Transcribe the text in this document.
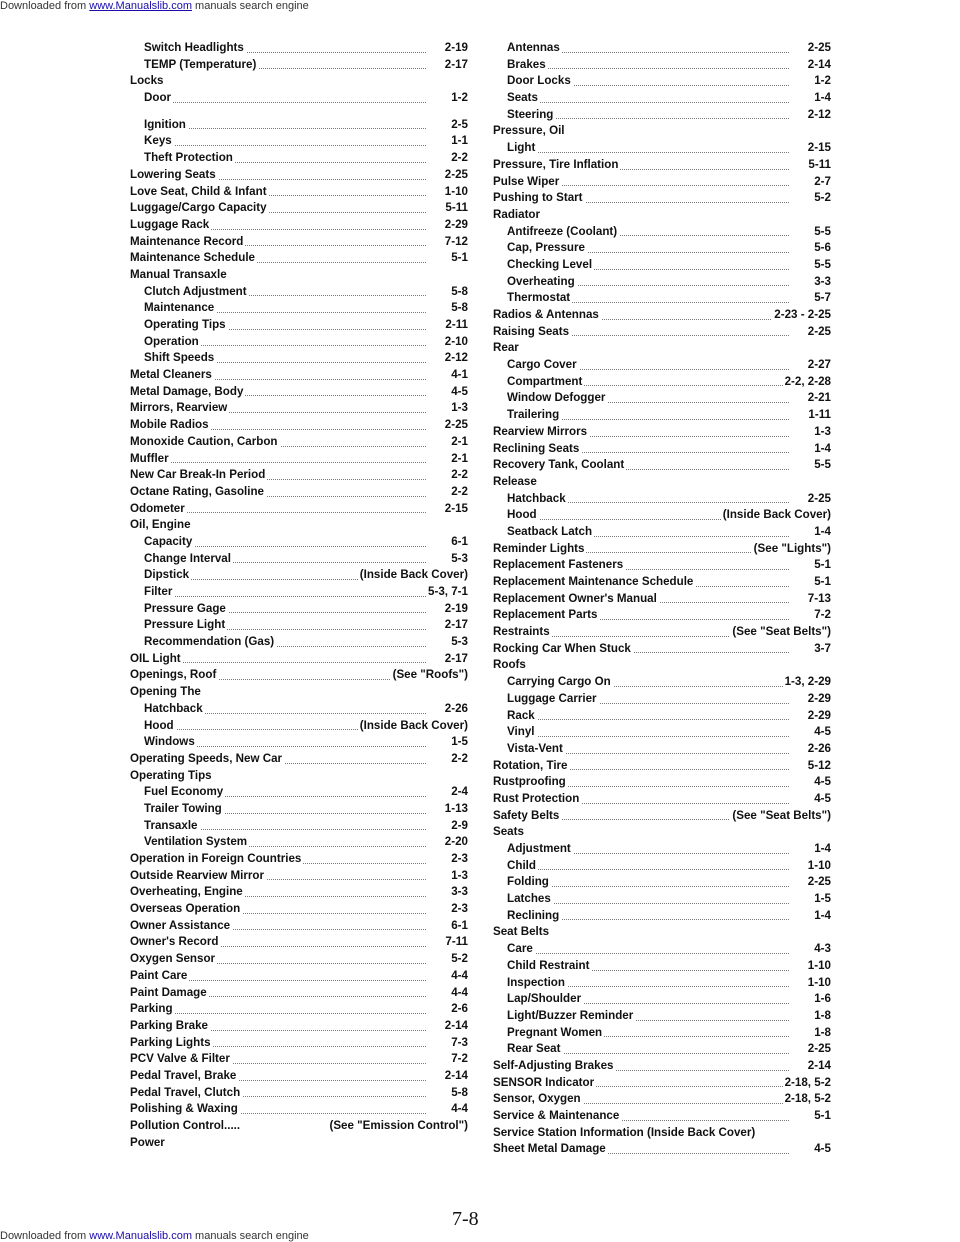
Downloaded from www.Manualslib.com manuals search engine
Switch Headlights	2-19
TEMP (Temperature)	2-17
Locks
Door	1-2
Ignition	2-5
Keys	1-1
Theft Protection	2-2
Lowering Seats	2-25
Love Seat, Child & Infant	1-10
Luggage/Cargo Capacity	5-11
Luggage Rack	2-29
Maintenance Record	7-12
Maintenance Schedule	5-1
Manual Transaxle
Clutch Adjustment	5-8
Maintenance	5-8
Operating Tips	2-11
Operation	2-10
Shift Speeds	2-12
Metal Cleaners	4-1
Metal Damage, Body	4-5
Mirrors, Rearview	1-3
Mobile Radios	2-25
Monoxide Caution, Carbon	2-1
Muffler	2-1
New Car Break-In Period	2-2
Octane Rating, Gasoline	2-2
Odometer	2-15
Oil, Engine
Capacity	6-1
Change Interval	5-3
Dipstick	(Inside Back Cover)
Filter	5-3, 7-1
Pressure Gage	2-19
Pressure Light	2-17
Recommendation (Gas)	5-3
OIL Light	2-17
Openings, Roof	(See "Roofs")
Opening The
Hatchback	2-26
Hood	(Inside Back Cover)
Windows	1-5
Operating Speeds, New Car	2-2
Operating Tips
Fuel Economy	2-4
Trailer Towing	1-13
Transaxle	2-9
Ventilation System	2-20
Operation in Foreign Countries	2-3
Outside Rearview Mirror	1-3
Overheating, Engine	3-3
Overseas Operation	2-3
Owner Assistance	6-1
Owner's Record	7-11
Oxygen Sensor	5-2
Paint Care	4-4
Paint Damage	4-4
Parking	2-6
Parking Brake	2-14
Parking Lights	7-3
PCV Valve & Filter	7-2
Pedal Travel, Brake	2-14
Pedal Travel, Clutch	5-8
Polishing & Waxing	4-4
Pollution Control.....	(See "Emission Control")
Power
Antennas	2-25
Brakes	2-14
Door Locks	1-2
Seats	1-4
Steering	2-12
Pressure, Oil
Light	2-15
Pressure, Tire Inflation	5-11
Pulse Wiper	2-7
Pushing to Start	5-2
Radiator
Antifreeze (Coolant)	5-5
Cap, Pressure	5-6
Checking Level	5-5
Overheating	3-3
Thermostat	5-7
Radios & Antennas	2-23 - 2-25
Raising Seats	2-25
Rear
Cargo Cover	2-27
Compartment	2-2, 2-28
Window Defogger	2-21
Trailering	1-11
Rearview Mirrors	1-3
Reclining Seats	1-4
Recovery Tank, Coolant	5-5
Release
Hatchback	2-25
Hood	(Inside Back Cover)
Seatback Latch	1-4
Reminder Lights	(See "Lights")
Replacement Fasteners	5-1
Replacement Maintenance Schedule	5-1
Replacement Owner's Manual	7-13
Replacement Parts	7-2
Restraints	(See "Seat Belts")
Rocking Car When Stuck	3-7
Roofs
Carrying Cargo On	1-3, 2-29
Luggage Carrier	2-29
Rack	2-29
Vinyl	4-5
Vista-Vent	2-26
Rotation, Tire	5-12
Rustproofing	4-5
Rust Protection	4-5
Safety Belts	(See "Seat Belts")
Seats
Adjustment	1-4
Child	1-10
Folding	2-25
Latches	1-5
Reclining	1-4
Seat Belts
Care	4-3
Child Restraint	1-10
Inspection	1-10
Lap/Shoulder	1-6
Light/Buzzer Reminder	1-8
Pregnant Women	1-8
Rear Seat	2-25
Self-Adjusting Brakes	2-14
SENSOR Indicator	2-18, 5-2
Sensor, Oxygen	2-18, 5-2
Service & Maintenance	5-1
Service Station Information (Inside Back Cover)
Sheet Metal Damage	4-5
7-8
Downloaded from www.Manualslib.com manuals search engine
